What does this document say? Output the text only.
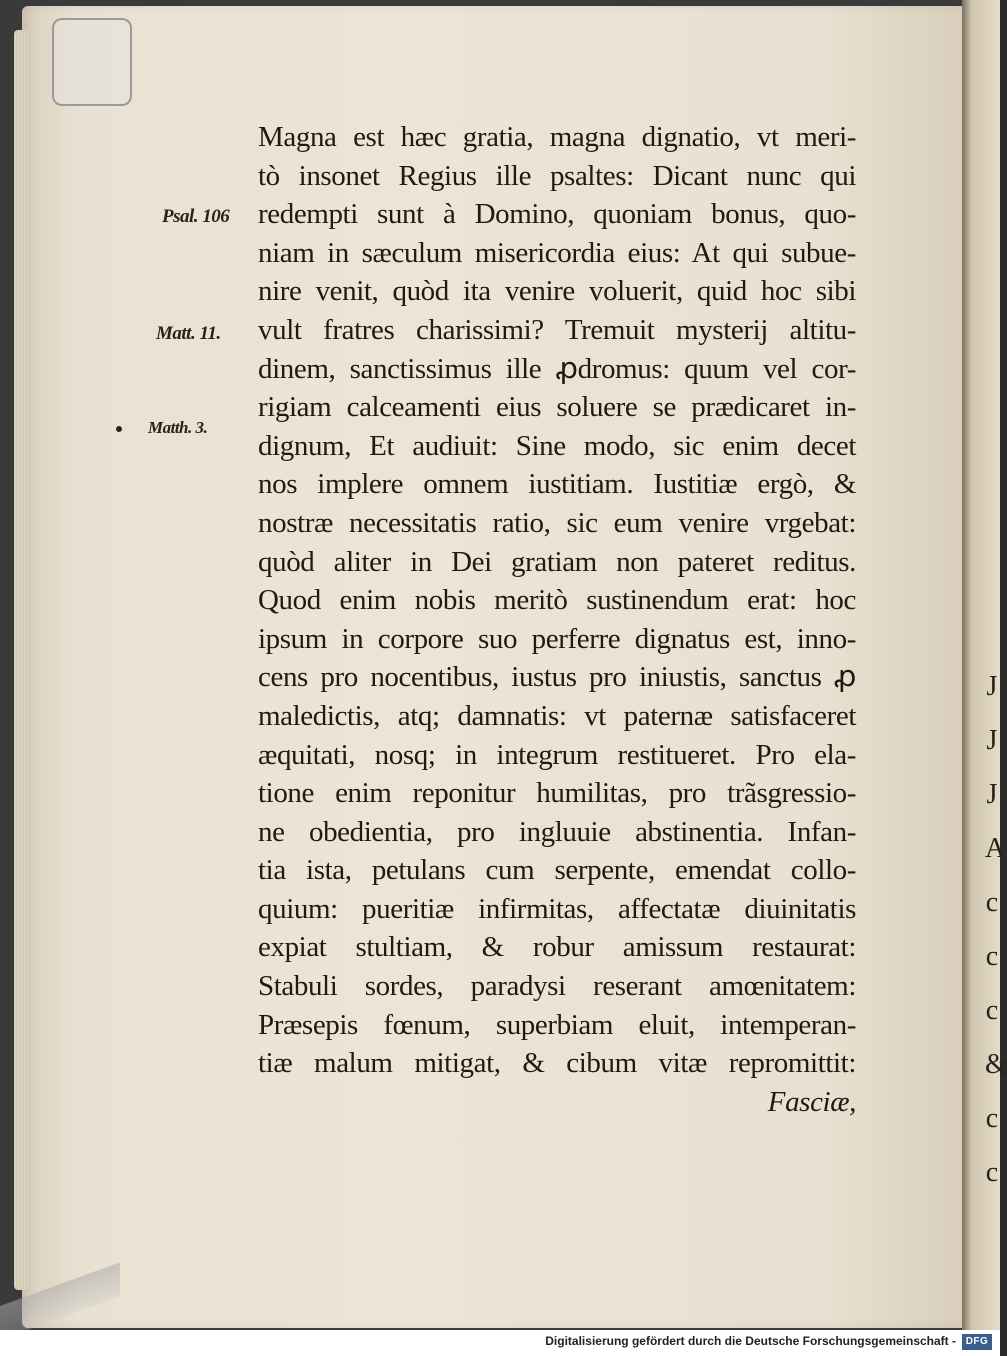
J
J
J
A
c
c
c
&
c
c
Psal. 106
Matt. 11.
Matth. 3.
Magna est hæc gratia, magna dignatio, vt meri-
tò insonet Regius ille psaltes: Dicant nunc qui
redempti sunt à Domino, quoniam bonus, quo-
niam in sæculum misericordia eius: At qui subue-
nire venit, quòd ita venire voluerit, quid hoc sibi
vult fratres charissimi? Tremuit mysterij altitu-
dinem, sanctissimus ille ꝓdromus: quum vel cor-
rigiam calceamenti eius soluere se prædicaret in-
dignum, Et audiuit: Sine modo, sic enim decet
nos implere omnem iustitiam. Iustitiæ ergò, &
nostræ necessitatis ratio, sic eum venire vrgebat:
quòd aliter in Dei gratiam non pateret reditus.
Quod enim nobis meritò sustinendum erat: hoc
ipsum in corpore suo perferre dignatus est, inno-
cens pro nocentibus, iustus pro iniustis, sanctus ꝓ
maledictis, atq; damnatis: vt paternæ satisfaceret
æquitati, nosq; in integrum restitueret. Pro ela-
tione enim reponitur humilitas, pro trãsgressio-
ne obedientia, pro ingluuie abstinentia. Infan-
tia ista, petulans cum serpente, emendat collo-
quium: pueritiæ infirmitas, affectatæ diuinitatis
expiat stultiam, & robur amissum restaurat:
Stabuli sordes, paradysi reserant amœnitatem:
Præsepis fœnum, superbiam eluit, intemperan-
tiæ malum mitigat, & cibum vitæ repromittit:
Fasciæ,
Digitalisierung gefördert durch die Deutsche Forschungsgemeinschaft - DFG
